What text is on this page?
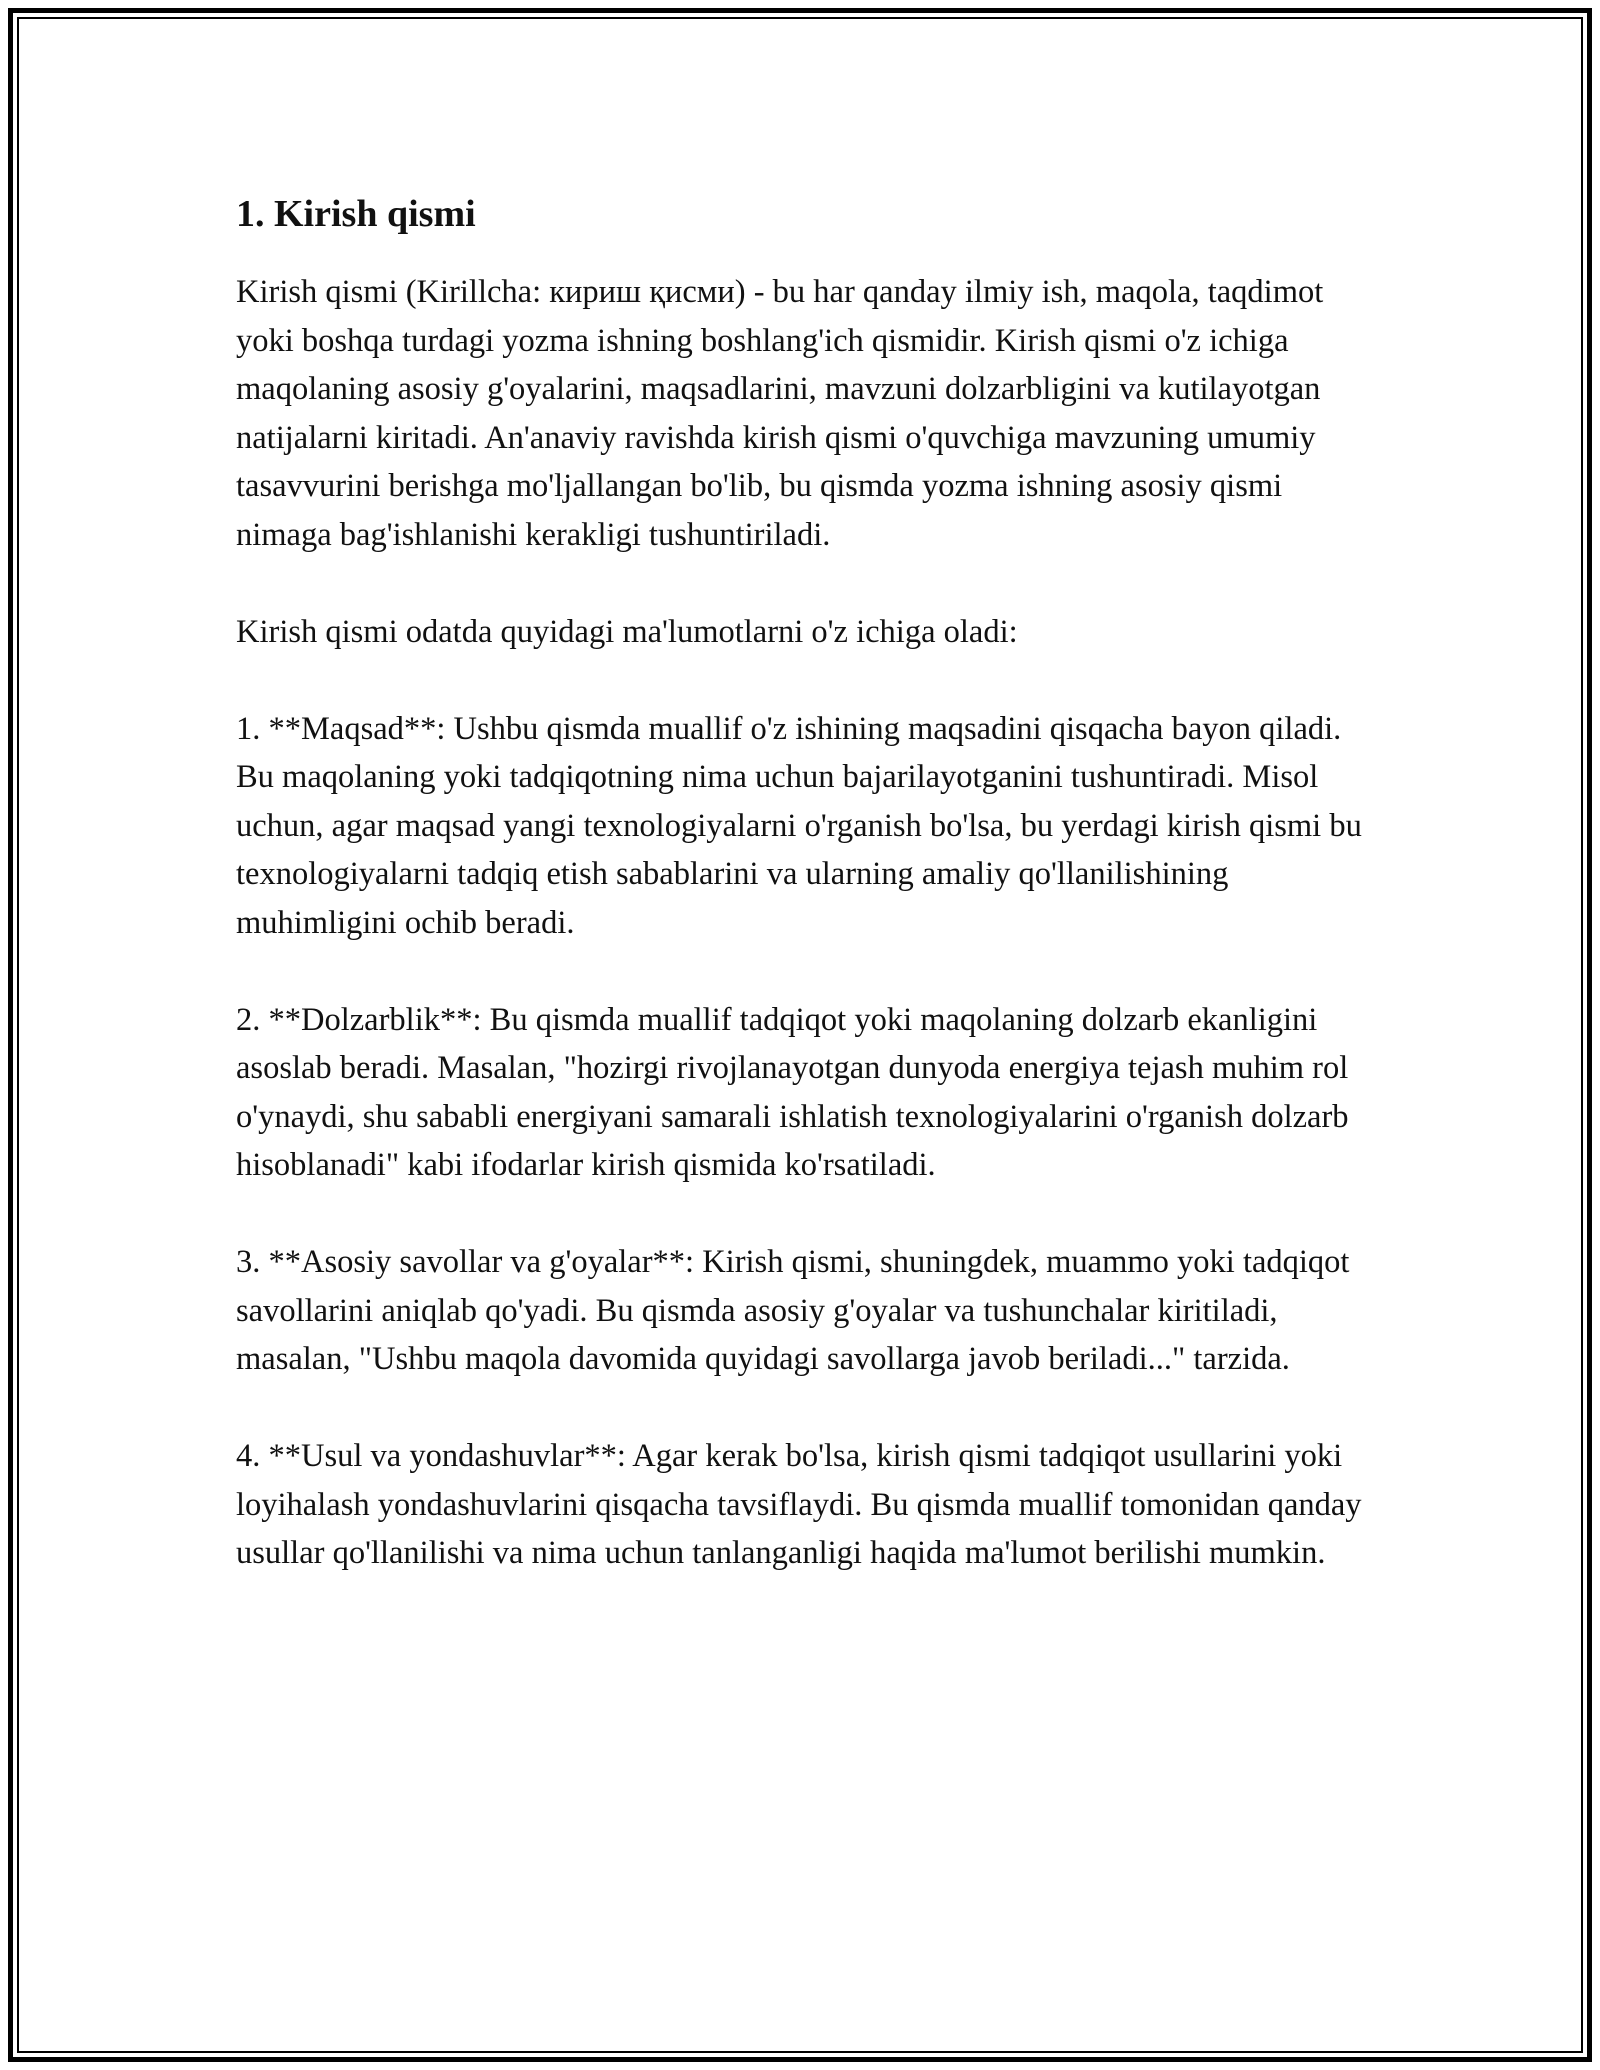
1. Kirish qismi

Kirish qismi (Kirillcha: кириш қисми) - bu har qanday ilmiy ish, maqola, taqdimot yoki boshqa turdagi yozma ishning boshlang'ich qismidir. Kirish qismi o'z ichiga maqolaning asosiy g'oyalarini, maqsadlarini, mavzuni dolzarbligini va kutilayotgan natijalarni kiritadi. An'anaviy ravishda kirish qismi o'quvchiga mavzuning umumiy tasavvurini berishga mo'ljallangan bo'lib, bu qismda yozma ishning asosiy qismi nimaga bag'ishlanishi kerakligi tushuntiriladi.

Kirish qismi odatda quyidagi ma'lumotlarni o'z ichiga oladi:

1. **Maqsad**: Ushbu qismda muallif o'z ishining maqsadini qisqacha bayon qiladi. Bu maqolaning yoki tadqiqotning nima uchun bajarilayotganini tushuntiradi. Misol uchun, agar maqsad yangi texnologiyalarni o'rganish bo'lsa, bu yerdagi kirish qismi bu texnologiyalarni tadqiq etish sabablarini va ularning amaliy qo'llanilishining muhimligini ochib beradi.

2. **Dolzarblik**: Bu qismda muallif tadqiqot yoki maqolaning dolzarb ekanligini asoslab beradi. Masalan, "hozirgi rivojlanayotgan dunyoda energiya tejash muhim rol o'ynaydi, shu sababli energiyani samarali ishlatish texnologiyalarini o'rganish dolzarb hisoblanadi" kabi ifodarlar kirish qismida ko'rsatiladi.

3. **Asosiy savollar va g'oyalar**: Kirish qismi, shuningdek, muammo yoki tadqiqot savollarini aniqlab qo'yadi. Bu qismda asosiy g'oyalar va tushunchalar kiritiladi, masalan, "Ushbu maqola davomida quyidagi savollarga javob beriladi..." tarzida.

4. **Usul va yondashuvlar**: Agar kerak bo'lsa, kirish qismi tadqiqot usullarini yoki loyihalash yondashuvlarini qisqacha tavsiflaydi. Bu qismda muallif tomonidan qanday usullar qo'llanilishi va nima uchun tanlanganligi haqida ma'lumot berilishi mumkin.
